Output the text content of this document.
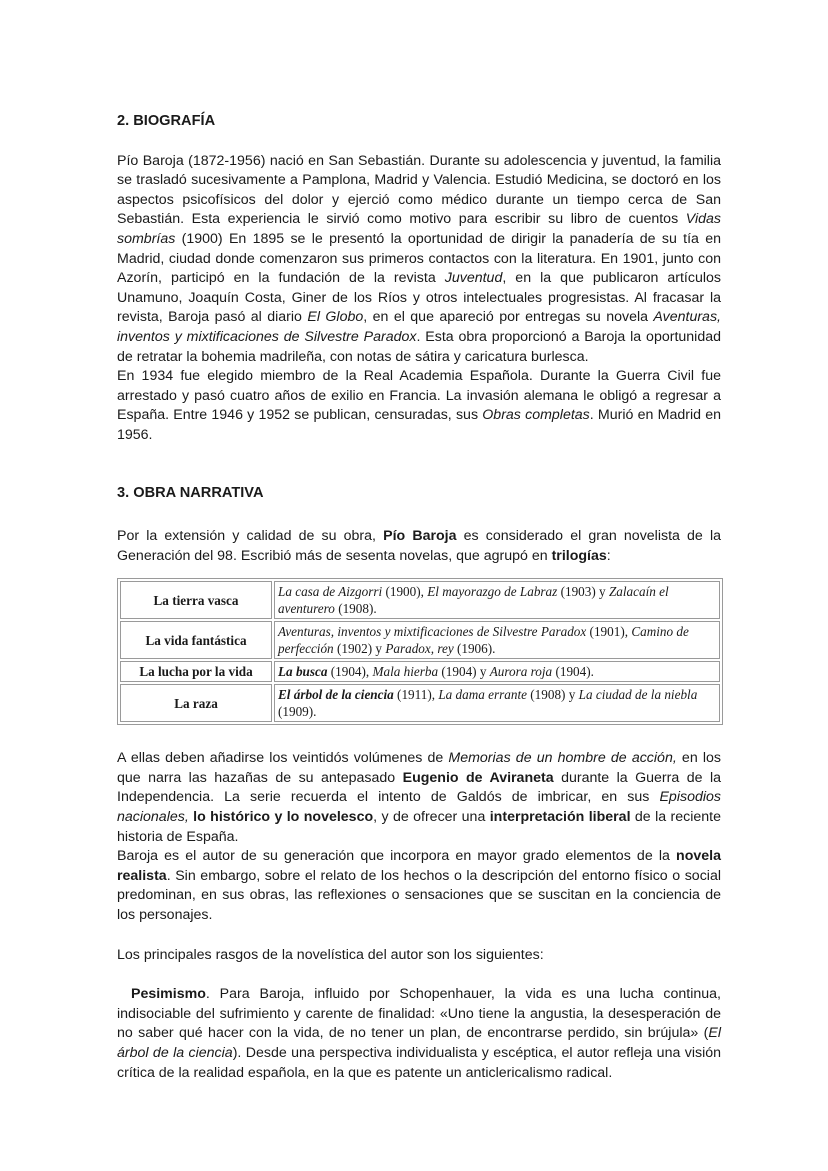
2. BIOGRAFÍA

Pío Baroja (1872-1956) nació en San Sebastián. Durante su adolescencia y juventud, la familia se trasladó sucesivamente a Pamplona, Madrid y Valencia. Estudió Medicina, se doctoró en los aspectos psicofísicos del dolor y ejerció como médico durante un tiempo cerca de San Sebastián. Esta experiencia le sirvió como motivo para escribir su libro de cuentos Vidas sombrías (1900) En 1895 se le presentó la oportunidad de dirigir la panadería de su tía en Madrid, ciudad donde comenzaron sus primeros contactos con la literatura. En 1901, junto con Azorín, participó en la fundación de la revista Juventud, en la que publicaron artículos Unamuno, Joaquín Costa, Giner de los Ríos y otros intelectuales progresistas. Al fracasar la revista, Baroja pasó al diario El Globo, en el que apareció por entregas su novela Aventuras, inventos y mixtificaciones de Silvestre Paradox. Esta obra proporcionó a Baroja la oportunidad de retratar la bohemia madrileña, con notas de sátira y caricatura burlesca.

En 1934 fue elegido miembro de la Real Academia Española. Durante la Guerra Civil fue arrestado y pasó cuatro años de exilio en Francia. La invasión alemana le obligó a regresar a España. Entre 1946 y 1952 se publican, censuradas, sus Obras completas. Murió en Madrid en 1956.

3. OBRA NARRATIVA

Por la extensión y calidad de su obra, Pío Baroja es considerado el gran novelista de la Generación del 98. Escribió más de sesenta novelas, que agrupó en trilogías:

La tierra vasca	La casa de Aizgorri (1900), El mayorazgo de Labraz (1903) y Zalacaín el aventurero (1908).
La vida fantástica	Aventuras, inventos y mixtificaciones de Silvestre Paradox (1901), Camino de perfección (1902) y Paradox, rey (1906).
La lucha por la vida	La busca (1904), Mala hierba (1904) y Aurora roja (1904).
La raza	El árbol de la ciencia (1911), La dama errante (1908) y La ciudad de la niebla (1909).

A ellas deben añadirse los veintidós volúmenes de Memorias de un hombre de acción, en los que narra las hazañas de su antepasado Eugenio de Aviraneta durante la Guerra de la Independencia. La serie recuerda el intento de Galdós de imbricar, en sus Episodios nacionales, lo histórico y lo novelesco, y de ofrecer una interpretación liberal de la reciente historia de España.

Baroja es el autor de su generación que incorpora en mayor grado elementos de la novela realista. Sin embargo, sobre el relato de los hechos o la descripción del entorno físico o social predominan, en sus obras, las reflexiones o sensaciones que se suscitan en la conciencia de los personajes.

Los principales rasgos de la novelística del autor son los siguientes:

Pesimismo. Para Baroja, influido por Schopenhauer, la vida es una lucha continua, indisociable del sufrimiento y carente de finalidad: «Uno tiene la angustia, la desesperación de no saber qué hacer con la vida, de no tener un plan, de encontrarse perdido, sin brújula» (El árbol de la ciencia). Desde una perspectiva individualista y escéptica, el autor refleja una visión crítica de la realidad española, en la que es patente un anticlericalismo radical.
